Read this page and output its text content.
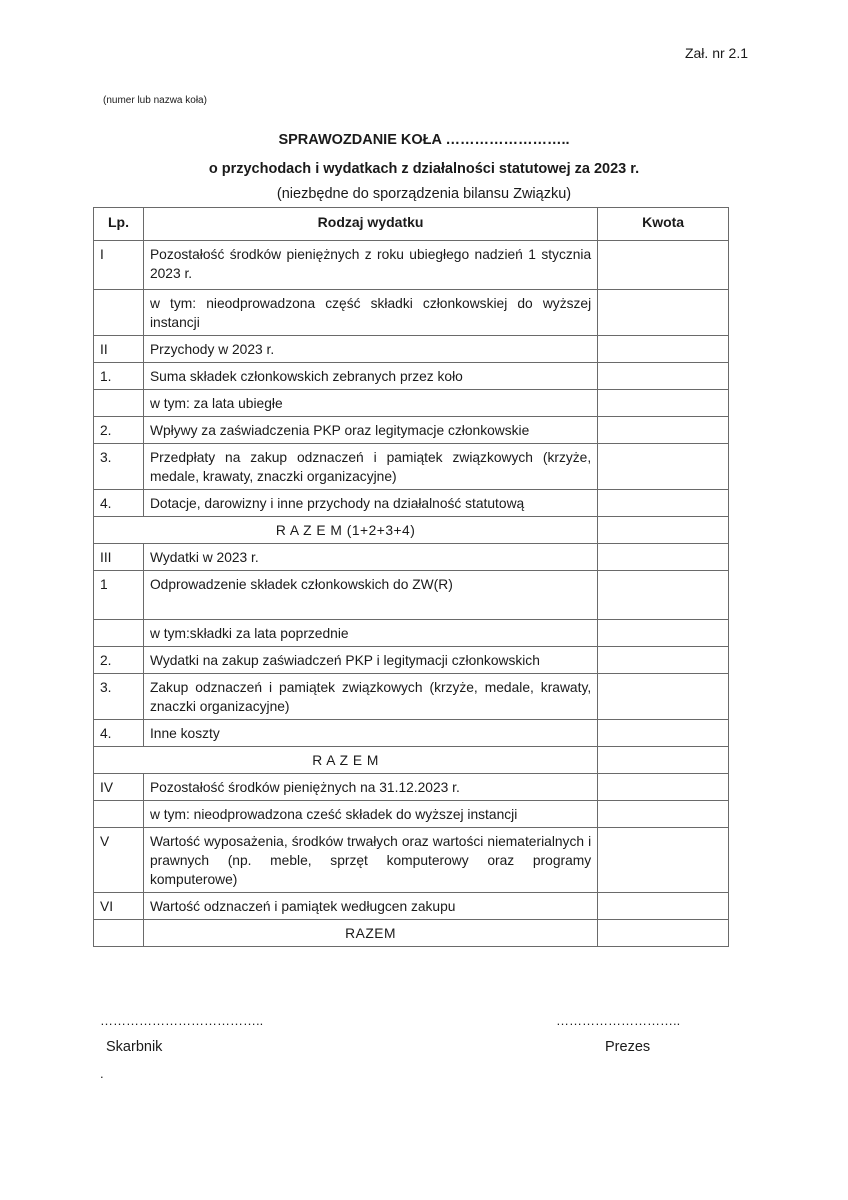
Zał. nr 2.1
(numer lub nazwa koła)
SPRAWOZDANIE KOŁA ……………………..
o przychodach i wydatkach z działalności statutowej za 2023 r.
(niezbędne do sporządzenia bilansu Związku)
Lp.	Rodzaj wydatku	Kwota
I	Pozostałość środków pieniężnych z roku ubiegłego nadzień 1 stycznia 2023 r.	
	w tym: nieodprowadzona część składki członkowskiej do wyższej instancji	
II	Przychody w 2023 r.	
1.	Suma składek członkowskich zebranych przez koło	
	w tym: za lata ubiegłe	
2.	Wpływy za zaświadczenia PKP oraz legitymacje członkowskie	
3.	Przedpłaty na zakup odznaczeń i pamiątek związkowych (krzyże, medale, krawaty, znaczki organizacyjne)	
4.	Dotacje, darowizny i inne przychody na działalność statutową	
R A Z E M (1+2+3+4)		
III	Wydatki w 2023 r.	
1	Odprowadzenie składek członkowskich do ZW(R)	
	w tym:składki za lata poprzednie	
2.	Wydatki na zakup zaświadczeń PKP i legitymacji członkowskich	
3.	Zakup odznaczeń i pamiątek związkowych (krzyże, medale, krawaty, znaczki organizacyjne)	
4.	Inne koszty	
R A Z E M		
IV	Pozostałość środków pieniężnych na 31.12.2023 r.	
	w tym: nieodprowadzona cześć składek do wyższej instancji	
V	Wartość wyposażenia, środków trwałych oraz wartości niematerialnych i prawnych (np. meble, sprzęt komputerowy oraz programy komputerowe)	
VI	Wartość odznaczeń i pamiątek wedługcen zakupu	
	RAZEM	
………………………………..	………………………..
Skarbnik	Prezes
.
